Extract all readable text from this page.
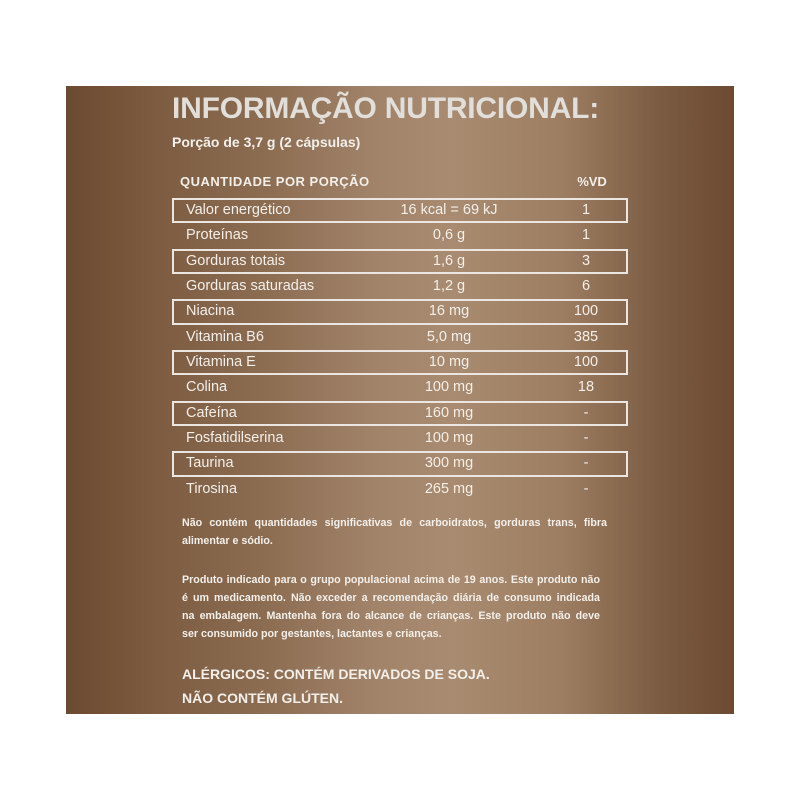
INFORMAÇÃO NUTRICIONAL:
Porção de 3,7 g (2 cápsulas)
QUANTIDADE POR PORÇÃO	%VD
Valor energético	16 kcal = 69 kJ	1
Proteínas	0,6 g	1
Gorduras totais	1,6 g	3
Gorduras saturadas	1,2 g	6
Niacina	16 mg	100
Vitamina B6	5,0 mg	385
Vitamina E	10 mg	100
Colina	100 mg	18
Cafeína	160 mg	-
Fosfatidilserina	100 mg	-
Taurina	300 mg	-
Tirosina	265 mg	-
Não contém quantidades significativas de carboidratos, gorduras trans, fibra
alimentar e sódio.
Produto indicado para o grupo populacional acima de 19 anos. Este produto não
é um medicamento. Não exceder a recomendação diária de consumo indicada
na embalagem. Mantenha fora do alcance de crianças. Este produto não deve
ser consumido por gestantes, lactantes e crianças.
ALÉRGICOS: CONTÉM DERIVADOS DE SOJA.
NÃO CONTÉM GLÚTEN.
